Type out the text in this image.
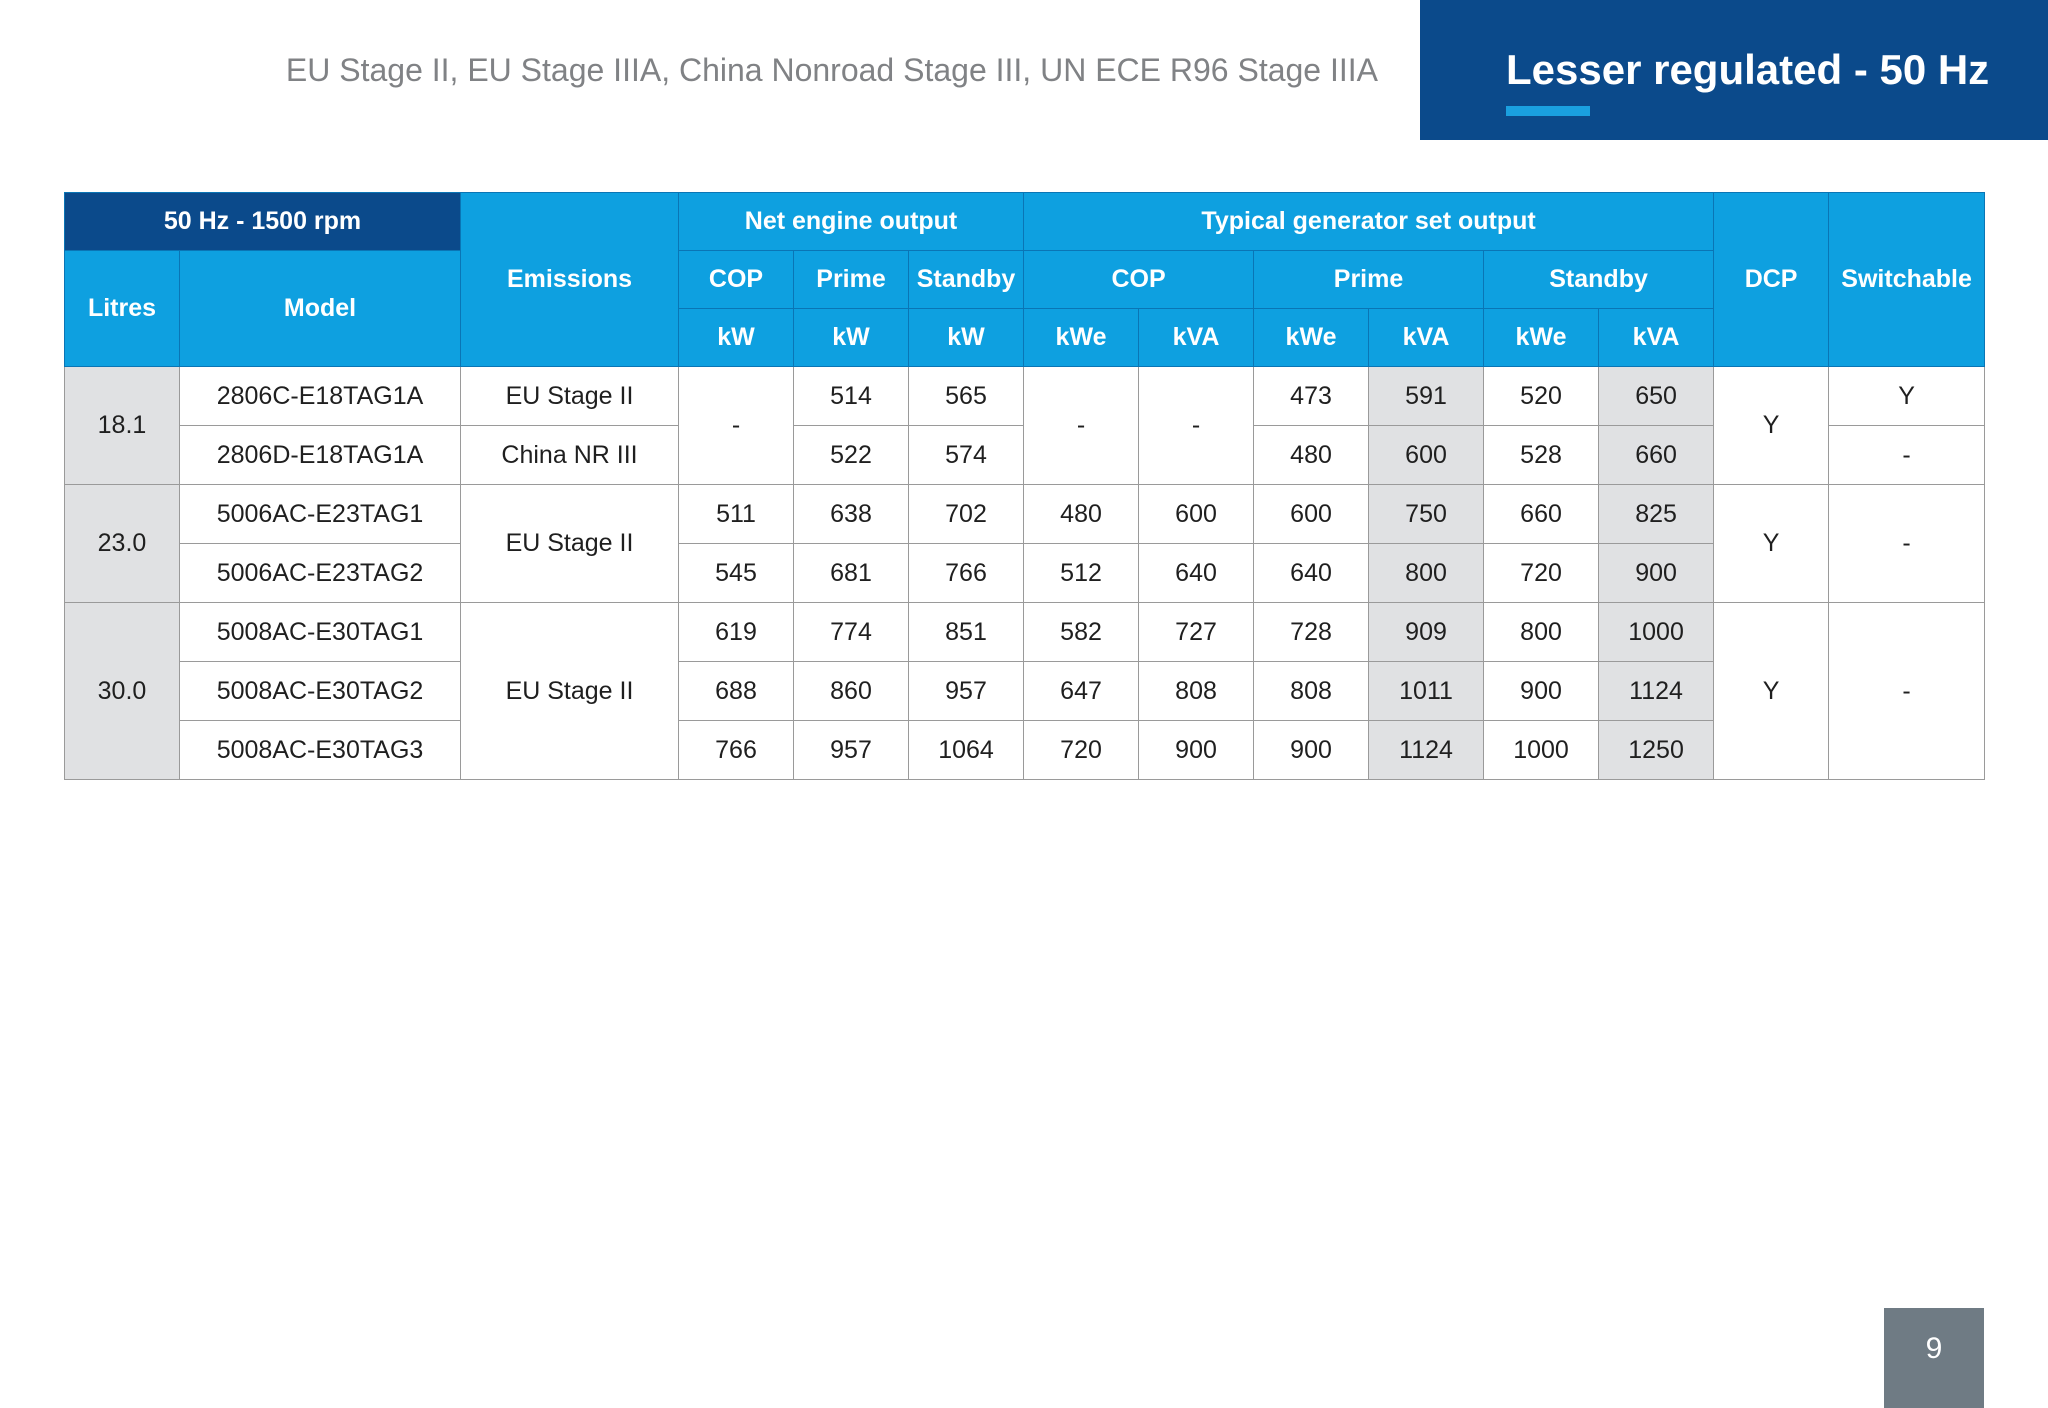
EU Stage II, EU Stage IIIA, China Nonroad Stage III, UN ECE R96 Stage IIIA	Lesser regulated - 50 Hz
50 Hz - 1500 rpm		Emissions	Net engine output			Typical generator set output						DCP	Switchable
Litres	Model		COP	Prime	Standby	COP		Prime		Standby			
			kW	kW	kW	kWe	kVA	kWe	kVA	kWe	kVA		
18.1	2806C-E18TAG1A	EU Stage II	-	514	565	-	-	473	591	520	650	Y	Y
	2806D-E18TAG1A	China NR III		522	574			480	600	528	660		-
23.0	5006AC-E23TAG1	EU Stage II	511	638	702	480	600	600	750	660	825	Y	-
	5006AC-E23TAG2		545	681	766	512	640	640	800	720	900		
30.0	5008AC-E30TAG1	EU Stage II	619	774	851	582	727	728	909	800	1000	Y	-
	5008AC-E30TAG2		688	860	957	647	808	808	1011	900	1124		
	5008AC-E30TAG3		766	957	1064	720	900	900	1124	1000	1250		
9
